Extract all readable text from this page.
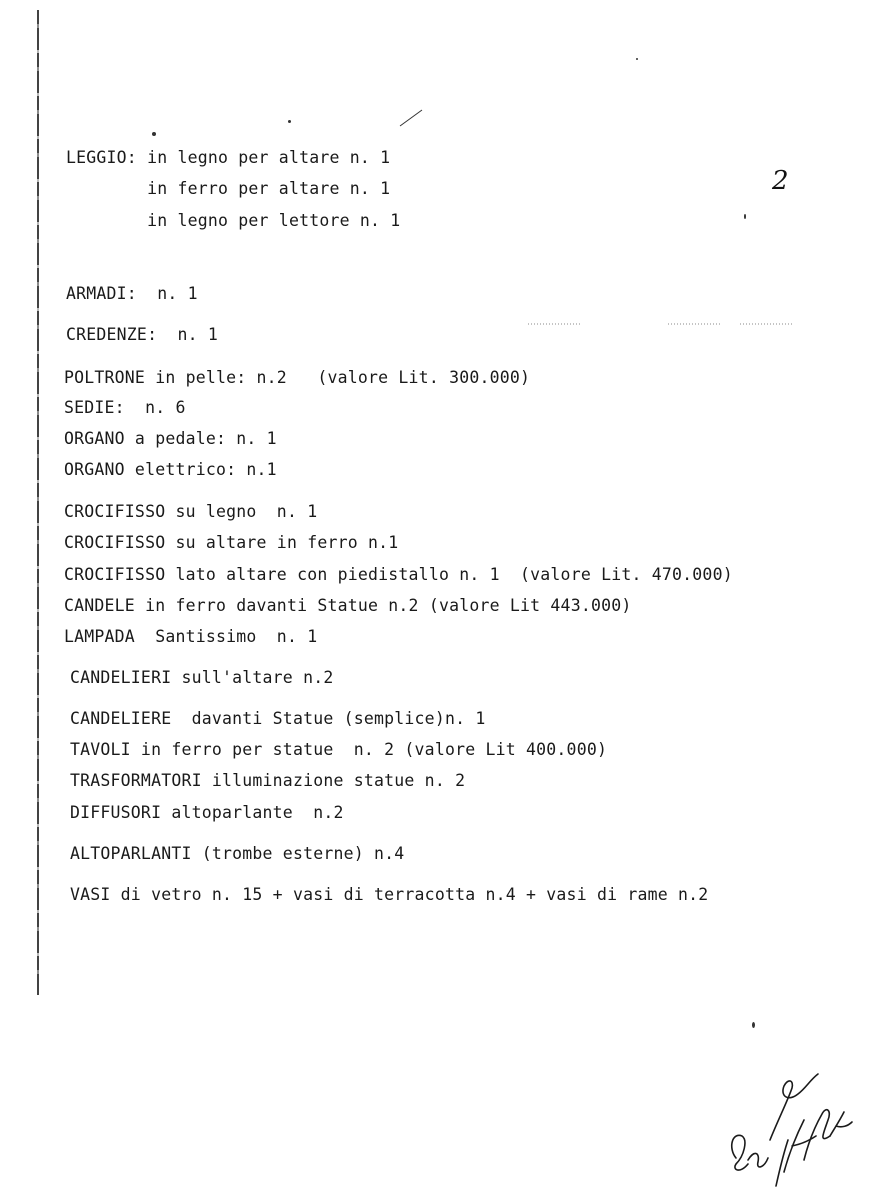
2
LEGGIO: in legno per altare n. 1
in ferro per altare n. 1
in legno per lettore n. 1
ARMADI:  n. 1
CREDENZE:  n. 1
POLTRONE in pelle: n.2   (valore Lit. 300.000)
SEDIE:  n. 6
ORGANO a pedale: n. 1
ORGANO elettrico: n.1
CROCIFISSO su legno  n. 1
CROCIFISSO su altare in ferro n.1
CROCIFISSO lato altare con piedistallo n. 1  (valore Lit. 470.000)
CANDELE in ferro davanti Statue n.2 (valore Lit 443.000)
LAMPADA  Santissimo  n. 1
CANDELIERI sull'altare n.2
CANDELIERE  davanti Statue (semplice)n. 1
TAVOLI in ferro per statue  n. 2 (valore Lit 400.000)
TRASFORMATORI illuminazione statue n. 2
DIFFUSORI altoparlante  n.2
ALTOPARLANTI (trombe esterne) n.4
VASI di vetro n. 15 + vasi di terracotta n.4 + vasi di rame n.2
